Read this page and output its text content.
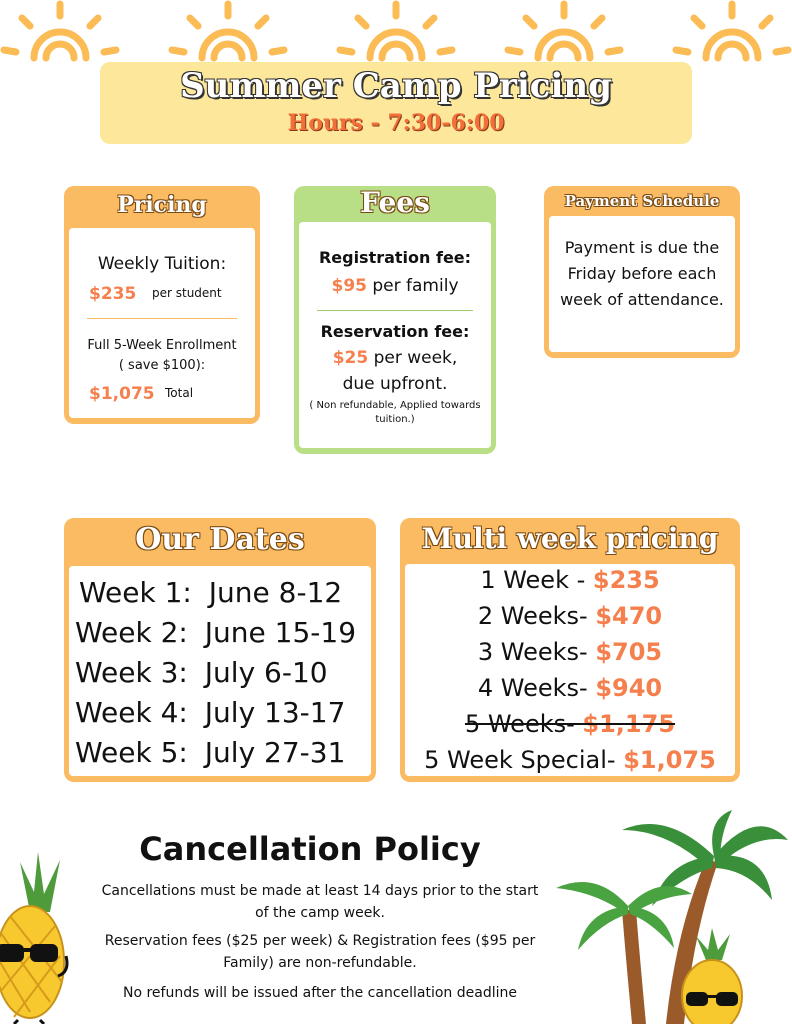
Summer Camp Pricing
Hours - 7:30-6:00
Pricing
Weekly Tuition:
$235 per student
Full 5-Week Enrollment
( save $100):
$1,075 Total
Fees
Registration fee:
$95 per family
Reservation fee:
$25 per week,
due upfront.
( Non refundable, Applied towards
tuition.)
Payment Schedule
Payment is due the
Friday before each
week of attendance.
Our Dates
Week 1: June 8-12
Week 2: June 15-19
Week 3: July 6-10
Week 4: July 13-17
Week 5: July 27-31
Multi week pricing
1 Week - $235
2 Weeks- $470
3 Weeks- $705
4 Weeks- $940
5 Weeks- $1,175
5 Week Special- $1,075
Cancellation Policy
Cancellations must be made at least 14 days prior to the start
of the camp week.
Reservation fees ($25 per week) & Registration fees ($95 per
Family) are non-refundable.
No refunds will be issued after the cancellation deadline
